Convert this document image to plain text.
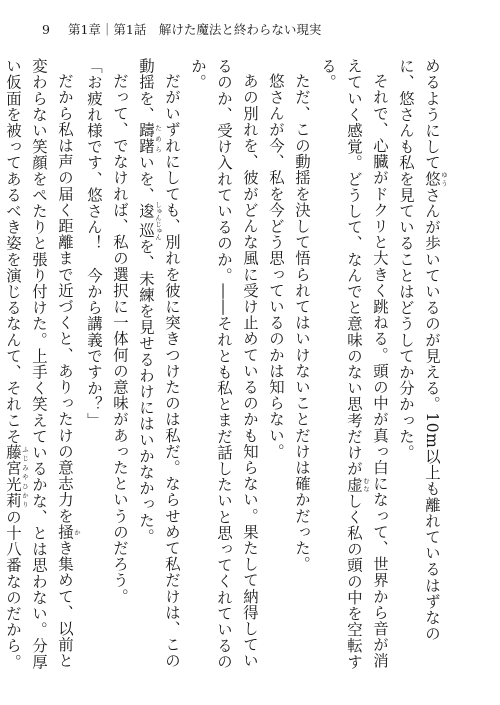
9 第1章｜第1話　解けた魔法と終わらない現実

めるようにして悠 ゆうさんが歩いているのが見える。10m以上も離れているはずなのに、悠さんも私を見ていることはどうしてか分かった。

それで、心臓がドクリと大きく跳ねる。頭の中が真っ白になって、世界から音が消えていく感覚。どうして、なんでと意味のない思考だけが虚 むなしく私の頭の中を空転する。

ただ、この動揺を決して悟られてはいけないことだけは確かだった。

悠さんが今、私を今どう思っているのかは知らない。

あの別れを、彼がどんな風に受け止めているのかも知らない。果たして納得しているのか、受け入れているのか。――それとも私とまだ話したいと思ってくれているのか。

だがいずれにしても、別れを彼に突きつけたのは私だ。ならせめて私だけは、この動揺を、躊躇 ためらいを、逡巡 しゅんじゅんを、未練を見せるわけにはいかなかった。

だって、でなければ、私の選択に一体何の意味があったというのだろう。

「お疲れ様です、悠さん！　今から講義ですか？」

だから私は声の届く距離まで近づくと、ありったけの意志力を掻 かき集めて、以前と変わらない笑顔をぺたりと張り付けた。上手く笑えているかな、とは思わない。分厚い仮面を被ってあるべき姿を演じるなんて、それこそ藤宮光莉 ふじみやひかりの十八番なのだから。
